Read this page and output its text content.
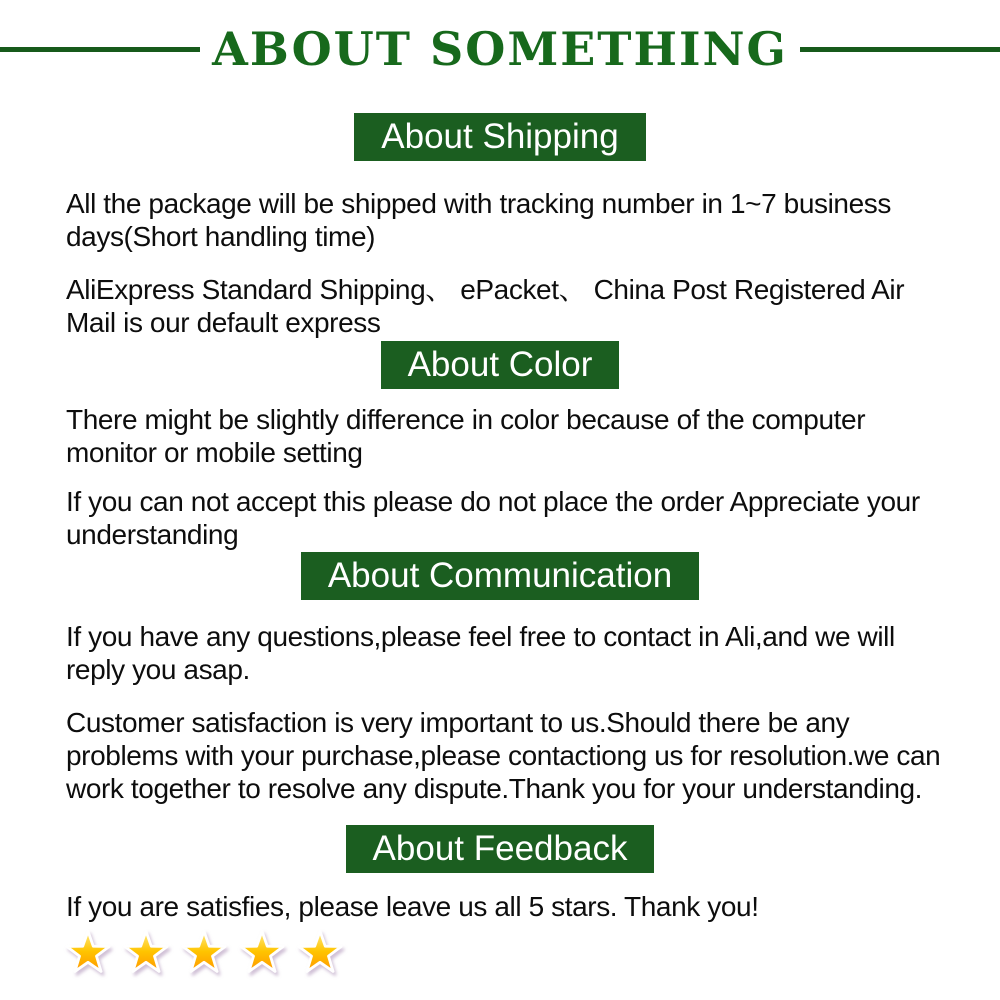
ABOUT SOMETHING
About Shipping

All the package will be shipped with tracking number in 1~7 business days(Short handling time)

AliExpress Standard Shipping、 ePacket、 China Post Registered Air Mail is our default express

About Color

There might be slightly difference in color because of the computer monitor or mobile setting

If you can not accept this please do not place the order Appreciate your understanding

About Communication

If you have any questions,please feel free to contact in Ali,and we will reply you asap.

Customer satisfaction is very important to us.Should there be any problems with your purchase,please contactiong us for resolution.we can work together to resolve any dispute.Thank you for your understanding.

About Feedback

If you are satisfies, please leave us all 5 stars. Thank you!
